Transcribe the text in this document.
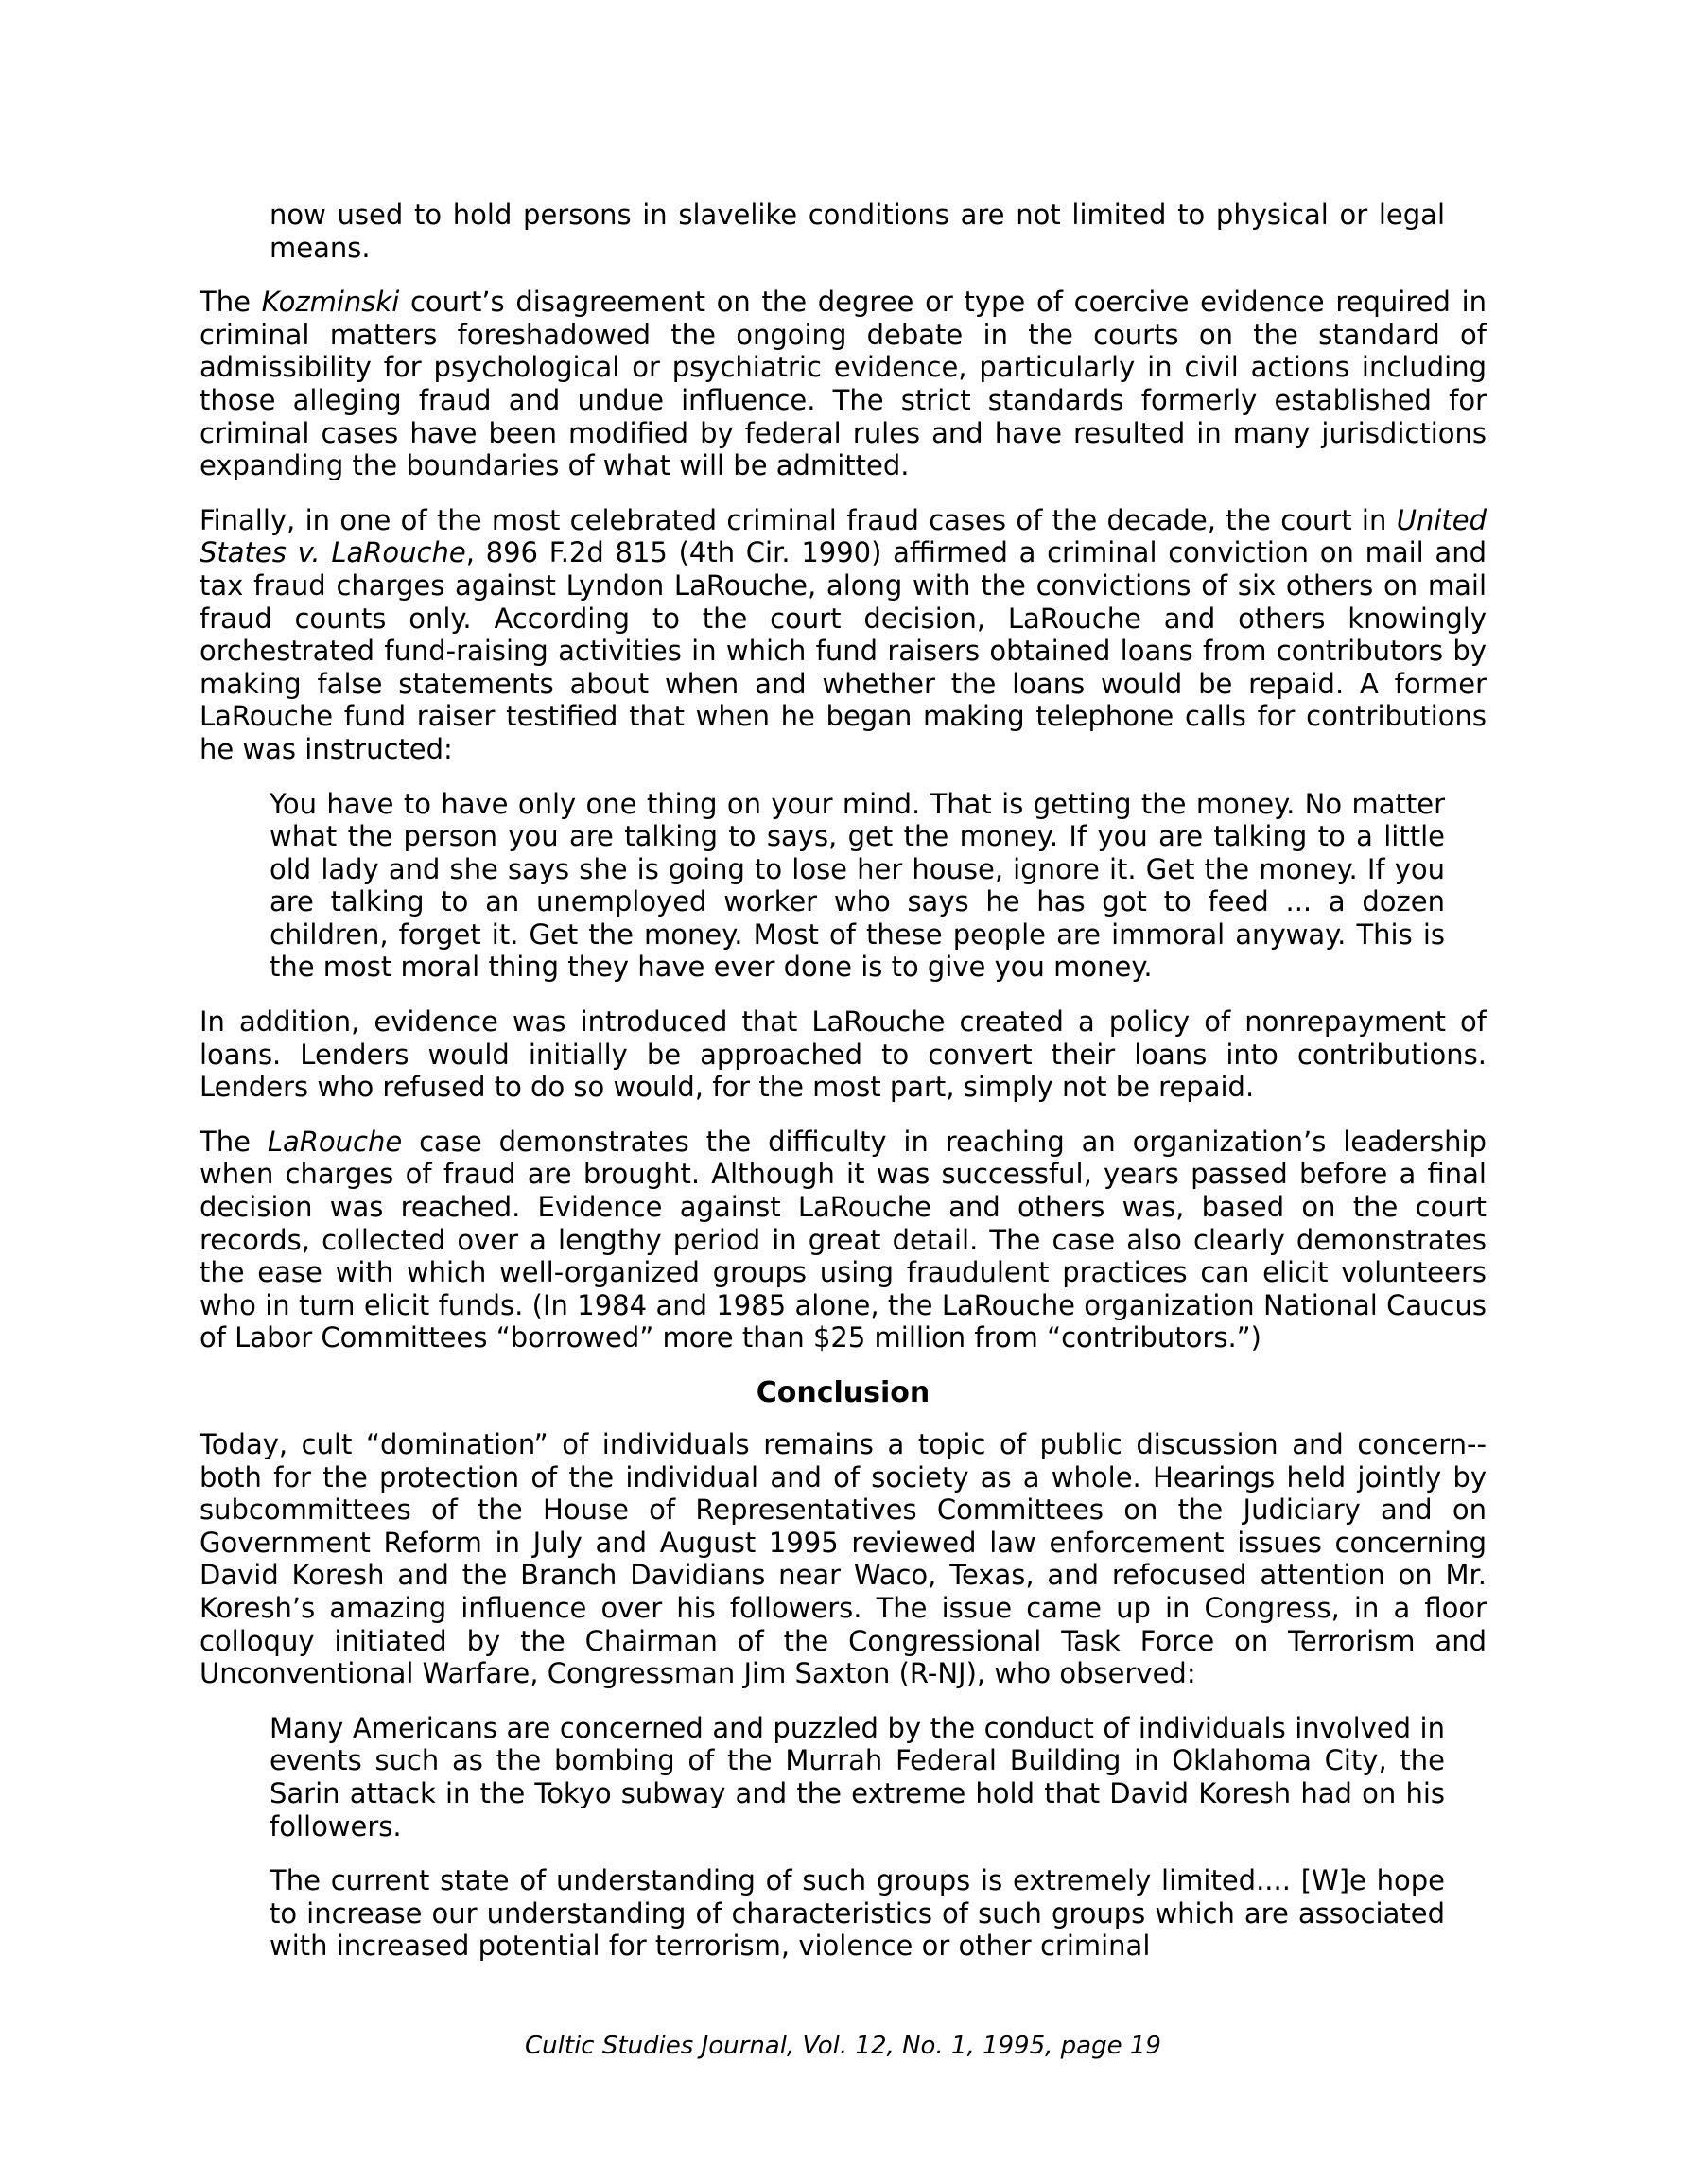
now used to hold persons in slavelike conditions are not limited to physical or legal means.

The Kozminski court’s disagreement on the degree or type of coercive evidence required in criminal matters foreshadowed the ongoing debate in the courts on the standard of admissibility for psychological or psychiatric evidence, particularly in civil actions including those alleging fraud and undue influence. The strict standards formerly established for criminal cases have been modified by federal rules and have resulted in many jurisdictions expanding the boundaries of what will be admitted.

Finally, in one of the most celebrated criminal fraud cases of the decade, the court in United States v. LaRouche, 896 F.2d 815 (4th Cir. 1990) affirmed a criminal conviction on mail and tax fraud charges against Lyndon LaRouche, along with the convictions of six others on mail fraud counts only. According to the court decision, LaRouche and others knowingly orchestrated fund-raising activities in which fund raisers obtained loans from contributors by making false statements about when and whether the loans would be repaid. A former LaRouche fund raiser testified that when he began making telephone calls for contributions he was instructed:

You have to have only one thing on your mind. That is getting the money. No matter what the person you are talking to says, get the money. If you are talking to a little old lady and she says she is going to lose her house, ignore it. Get the money. If you are talking to an unemployed worker who says he has got to feed ... a dozen children, forget it. Get the money. Most of these people are immoral anyway. This is the most moral thing they have ever done is to give you money.

In addition, evidence was introduced that LaRouche created a policy of nonrepayment of loans. Lenders would initially be approached to convert their loans into contributions. Lenders who refused to do so would, for the most part, simply not be repaid.

The LaRouche case demonstrates the difficulty in reaching an organization’s leadership when charges of fraud are brought. Although it was successful, years passed before a final decision was reached. Evidence against LaRouche and others was, based on the court records, collected over a lengthy period in great detail. The case also clearly demonstrates the ease with which well-organized groups using fraudulent practices can elicit volunteers who in turn elicit funds. (In 1984 and 1985 alone, the LaRouche organization National Caucus of Labor Committees “borrowed” more than $25 million from “contributors.”)

Conclusion

Today, cult “domination” of individuals remains a topic of public discussion and concern--both for the protection of the individual and of society as a whole. Hearings held jointly by subcommittees of the House of Representatives Committees on the Judiciary and on Government Reform in July and August 1995 reviewed law enforcement issues concerning David Koresh and the Branch Davidians near Waco, Texas, and refocused attention on Mr. Koresh’s amazing influence over his followers. The issue came up in Congress, in a floor colloquy initiated by the Chairman of the Congressional Task Force on Terrorism and Unconventional Warfare, Congressman Jim Saxton (R-NJ), who observed:

Many Americans are concerned and puzzled by the conduct of individuals involved in events such as the bombing of the Murrah Federal Building in Oklahoma City, the Sarin attack in the Tokyo subway and the extreme hold that David Koresh had on his followers.
The current state of understanding of such groups is extremely limited.... [W]e hope to increase our understanding of characteristics of such groups which are associated with increased potential for terrorism, violence or other criminal
Cultic Studies Journal, Vol. 12, No. 1, 1995, page 19
